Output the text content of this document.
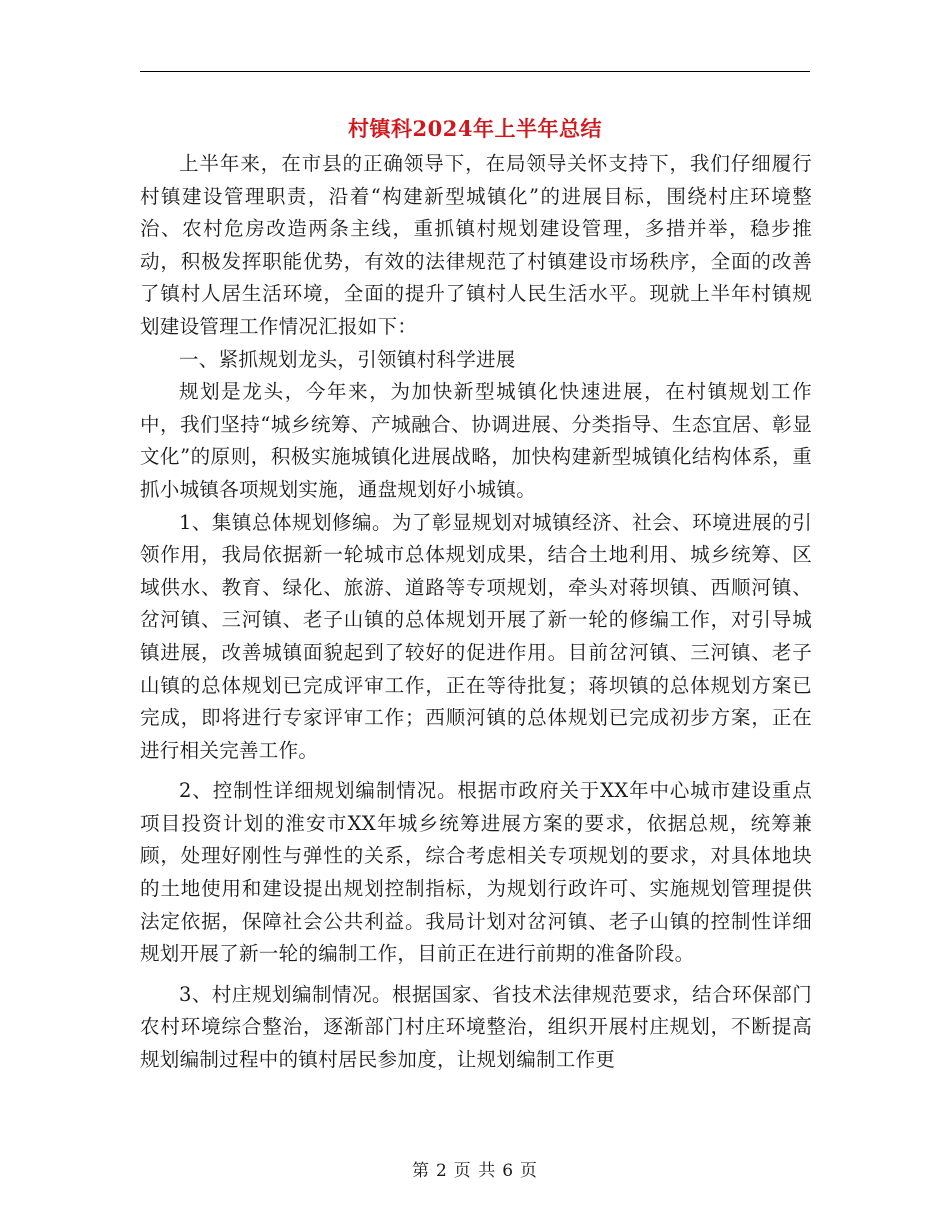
村镇科2024年上半年总结

上半年来，在市县的正确领导下，在局领导关怀支持下，我们仔细履行村镇建设管理职责，沿着“构建新型城镇化”的进展目标，围绕村庄环境整治、农村危房改造两条主线，重抓镇村规划建设管理，多措并举，稳步推动，积极发挥职能优势，有效的法律规范了村镇建设市场秩序，全面的改善了镇村人居生活环境，全面的提升了镇村人民生活水平。现就上半年村镇规划建设管理工作情况汇报如下：

一、紧抓规划龙头，引领镇村科学进展

规划是龙头，今年来，为加快新型城镇化快速进展，在村镇规划工作中，我们坚持“城乡统筹、产城融合、协调进展、分类指导、生态宜居、彰显文化”的原则，积极实施城镇化进展战略，加快构建新型城镇化结构体系，重抓小城镇各项规划实施，通盘规划好小城镇。

1、集镇总体规划修编。为了彰显规划对城镇经济、社会、环境进展的引领作用，我局依据新一轮城市总体规划成果，结合土地利用、城乡统筹、区域供水、教育、绿化、旅游、道路等专项规划，牵头对蒋坝镇、西顺河镇、岔河镇、三河镇、老子山镇的总体规划开展了新一轮的修编工作，对引导城镇进展，改善城镇面貌起到了较好的促进作用。目前岔河镇、三河镇、老子山镇的总体规划已完成评审工作，正在等待批复；蒋坝镇的总体规划方案已完成，即将进行专家评审工作；西顺河镇的总体规划已完成初步方案，正在进行相关完善工作。

2、控制性详细规划编制情况。根据市政府关于XX年中心城市建设重点项目投资计划的淮安市XX年城乡统筹进展方案的要求，依据总规，统筹兼顾，处理好刚性与弹性的关系，综合考虑相关专项规划的要求，对具体地块的土地使用和建设提出规划控制指标，为规划行政许可、实施规划管理提供法定依据，保障社会公共利益。我局计划对岔河镇、老子山镇的控制性详细规划开展了新一轮的编制工作，目前正在进行前期的准备阶段。

3、村庄规划编制情况。根据国家、省技术法律规范要求，结合环保部门农村环境综合整治，逐渐部门村庄环境整治，组织开展村庄规划，不断提高规划编制过程中的镇村居民参加度，让规划编制工作更

第 2 页 共 6 页
